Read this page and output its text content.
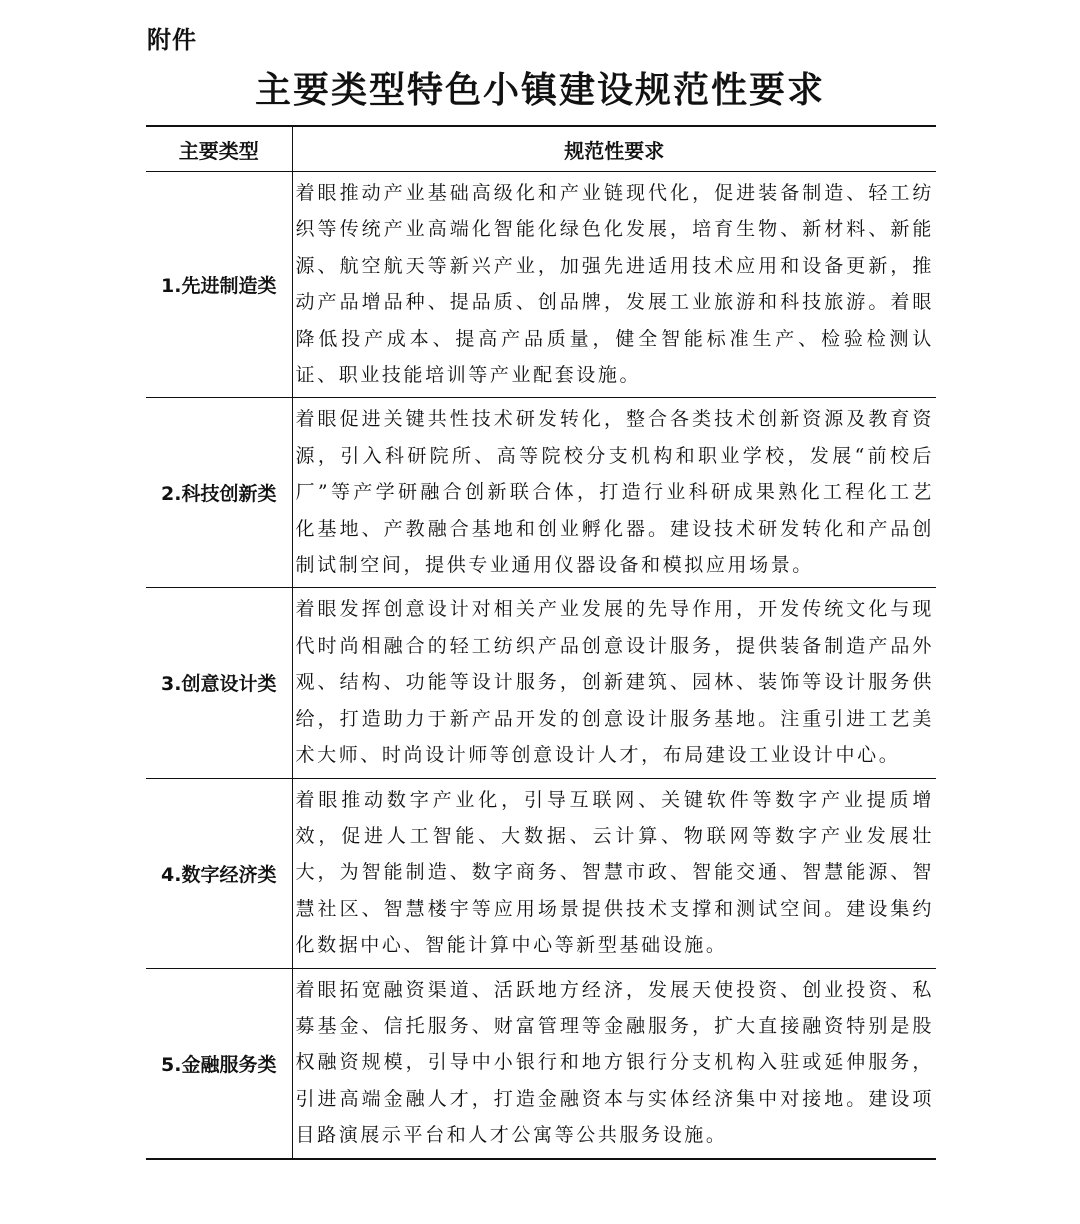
附件
主要类型特色小镇建设规范性要求
主要类型	规范性要求
1.先进制造类	着眼推动产业基础高级化和产业链现代化，促进装备制造、轻工纺织等传统产业高端化智能化绿色化发展，培育生物、新材料、新能源、航空航天等新兴产业，加强先进适用技术应用和设备更新，推动产品增品种、提品质、创品牌，发展工业旅游和科技旅游。着眼降低投产成本、提高产品质量，健全智能标准生产、检验检测认证、职业技能培训等产业配套设施。
2.科技创新类	着眼促进关键共性技术研发转化，整合各类技术创新资源及教育资源，引入科研院所、高等院校分支机构和职业学校，发展“前校后厂”等产学研融合创新联合体，打造行业科研成果熟化工程化工艺化基地、产教融合基地和创业孵化器。建设技术研发转化和产品创制试制空间，提供专业通用仪器设备和模拟应用场景。
3.创意设计类	着眼发挥创意设计对相关产业发展的先导作用，开发传统文化与现代时尚相融合的轻工纺织产品创意设计服务，提供装备制造产品外观、结构、功能等设计服务，创新建筑、园林、装饰等设计服务供给，打造助力于新产品开发的创意设计服务基地。注重引进工艺美术大师、时尚设计师等创意设计人才，布局建设工业设计中心。
4.数字经济类	着眼推动数字产业化，引导互联网、关键软件等数字产业提质增效，促进人工智能、大数据、云计算、物联网等数字产业发展壮大，为智能制造、数字商务、智慧市政、智能交通、智慧能源、智慧社区、智慧楼宇等应用场景提供技术支撑和测试空间。建设集约化数据中心、智能计算中心等新型基础设施。
5.金融服务类	着眼拓宽融资渠道、活跃地方经济，发展天使投资、创业投资、私募基金、信托服务、财富管理等金融服务，扩大直接融资特别是股权融资规模，引导中小银行和地方银行分支机构入驻或延伸服务，引进高端金融人才，打造金融资本与实体经济集中对接地。建设项目路演展示平台和人才公寓等公共服务设施。
